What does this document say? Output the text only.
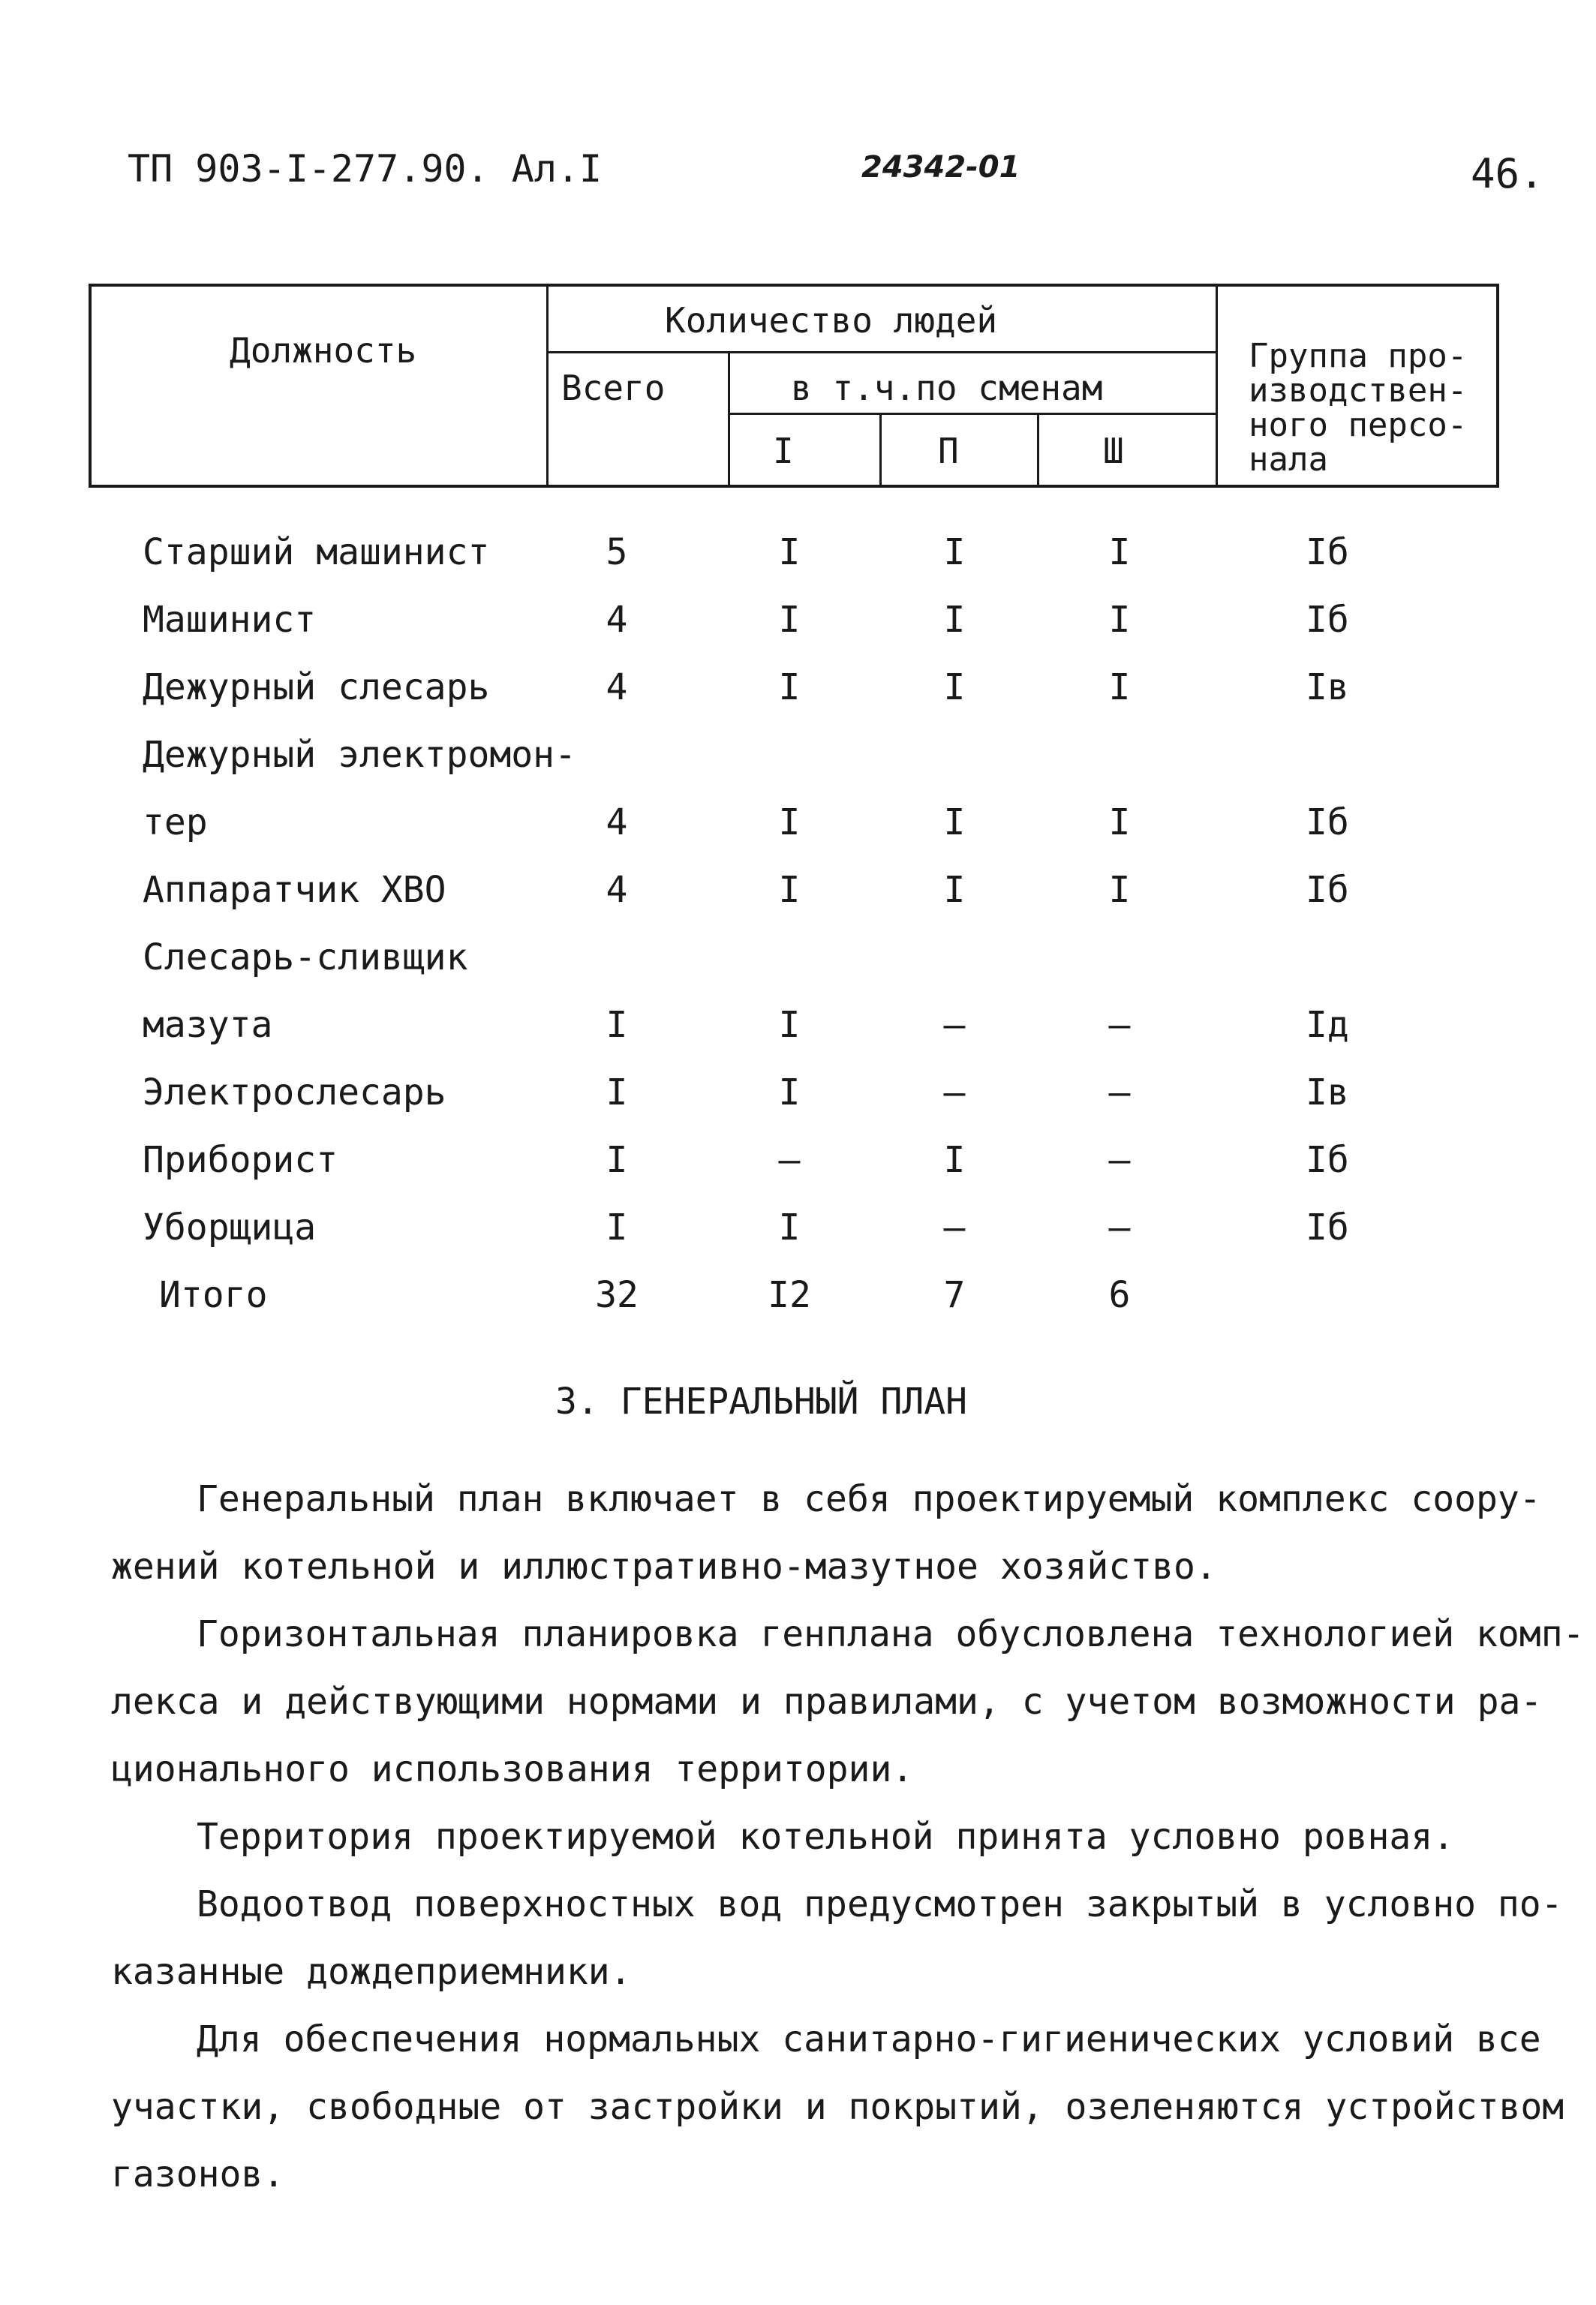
ТП 903-I-277.90. Ал.I	24342-01	46.
Должность
Количество людей
Всего	в т.ч.по сменам
I	П	Ш
Группа про-
изводствен-
ного персо-
нала
Старший машинист	5	I	I	I	Iб
Машинист	4	I	I	I	Iб
Дежурный слесарь	4	I	I	I	Iв
Дежурный электромон-
тер	4	I	I	I	Iб
Аппаратчик ХВО	4	I	I	I	Iб
Слесарь-сливщик
мазута	I	I	–	–	Iд
Электрослесарь	I	I	–	–	Iв
Приборист	I	–	I	–	Iб
Уборщица	I	I	–	–	Iб
Итого	32	I2	7	6
3. ГЕНЕРАЛЬНЫЙ ПЛАН
Генеральный план включает в себя проектируемый комплекс соору-
жений котельной и иллюстративно-мазутное хозяйство.
Горизонтальная планировка генплана обусловлена технологией комп-
лекса и действующими нормами и правилами, с учетом возможности ра-
ционального использования территории.
Территория проектируемой котельной принята условно ровная.
Водоотвод поверхностных вод предусмотрен закрытый в условно по-
казанные дождеприемники.
Для обеспечения нормальных санитарно-гигиенических условий все
участки, свободные от застройки и покрытий, озеленяются устройством
газонов.
